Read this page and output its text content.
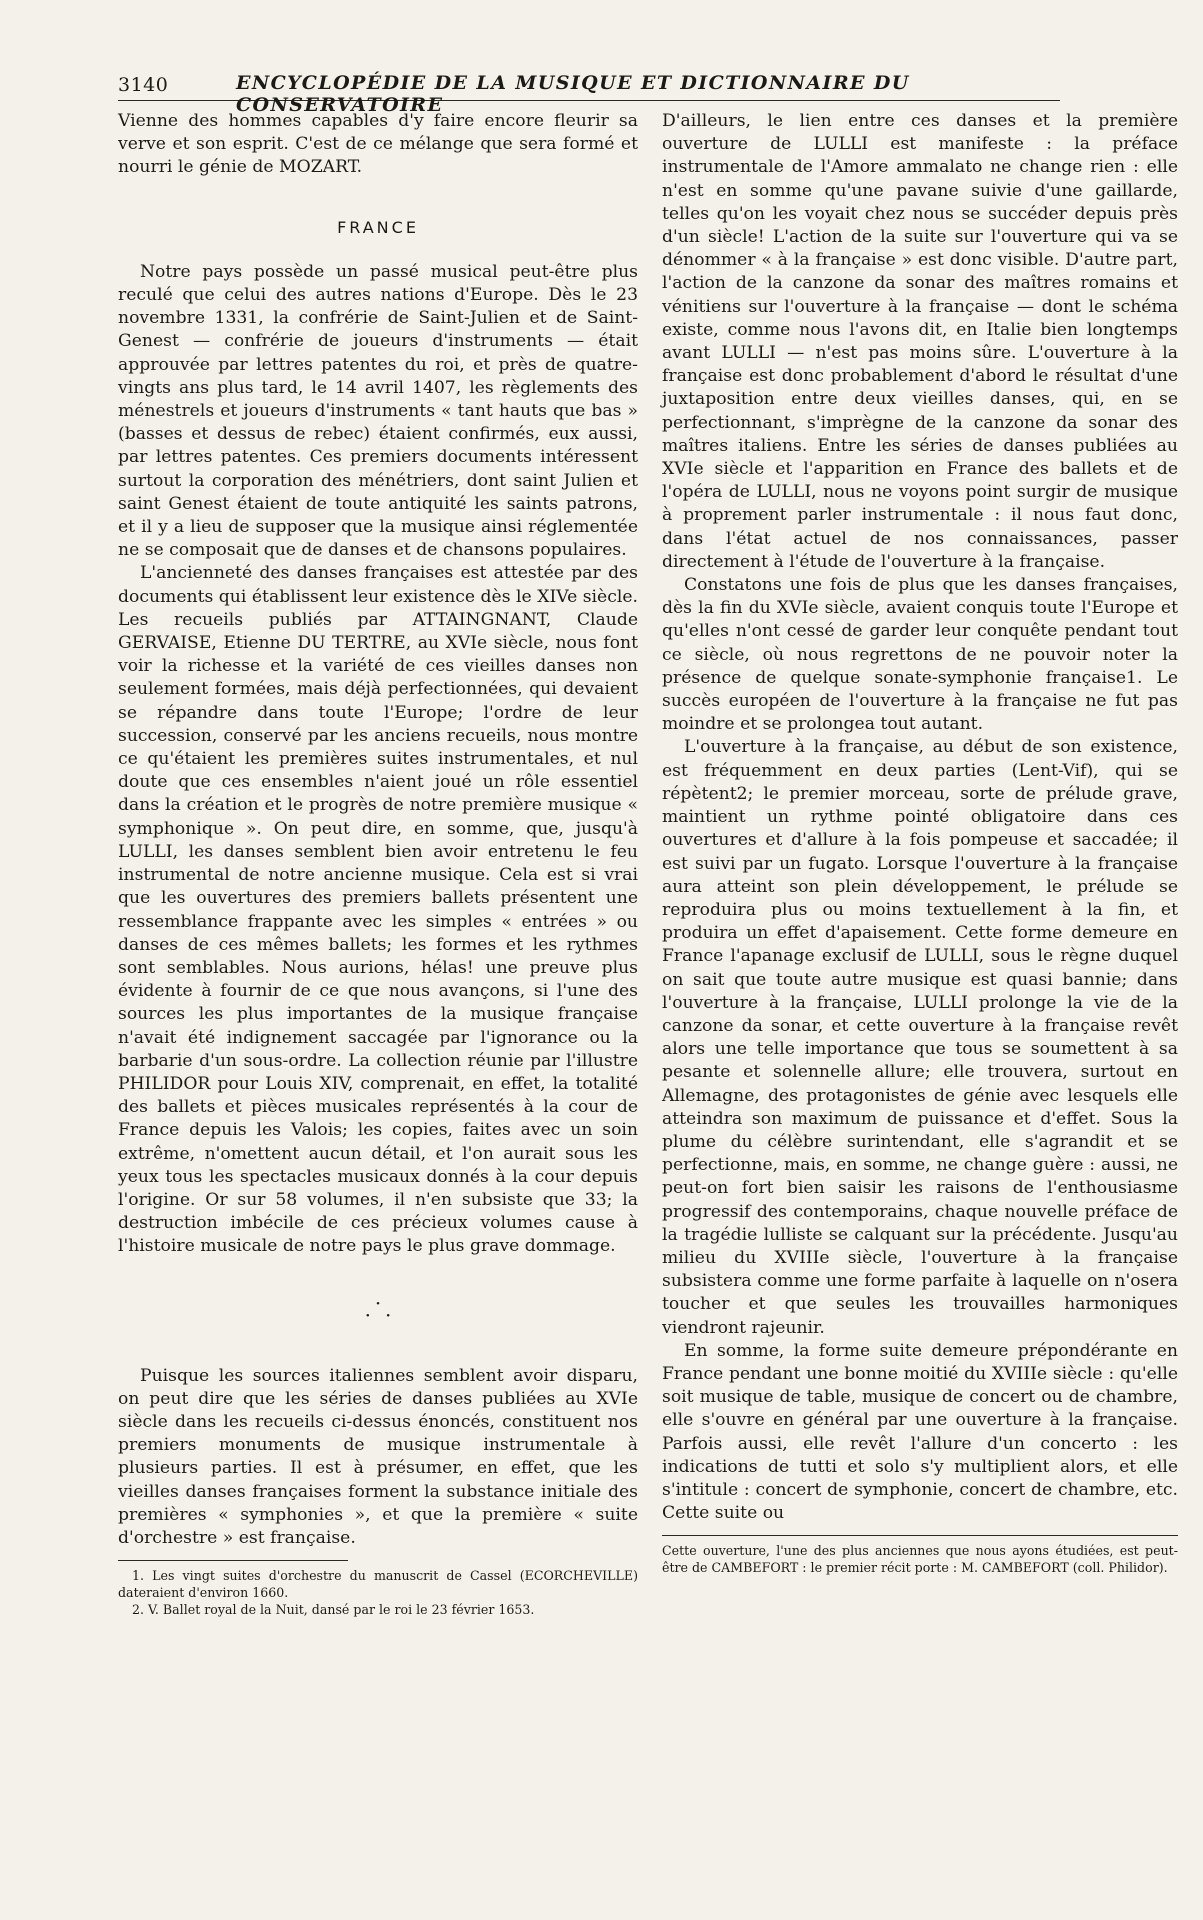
3140	ENCYCLOPÉDIE DE LA MUSIQUE ET DICTIONNAIRE DU CONSERVATOIRE

Vienne des hommes capables d'y faire encore fleurir sa verve et son esprit. C'est de ce mélange que sera formé et nourri le génie de MOZART.

FRANCE

Notre pays possède un passé musical peut-être plus reculé que celui des autres nations d'Europe. Dès le 23 novembre 1331, la confrérie de Saint-Julien et de Saint-Genest — confrérie de joueurs d'instruments — était approuvée par lettres patentes du roi, et près de quatre-vingts ans plus tard, le 14 avril 1407, les règlements des ménestrels et joueurs d'instruments « tant hauts que bas » (basses et dessus de rebec) étaient confirmés, eux aussi, par lettres patentes. Ces premiers documents intéressent surtout la corporation des ménétriers, dont saint Julien et saint Genest étaient de toute antiquité les saints patrons, et il y a lieu de supposer que la musique ainsi réglementée ne se composait que de danses et de chansons populaires.

L'ancienneté des danses françaises est attestée par des documents qui établissent leur existence dès le XIVe siècle. Les recueils publiés par ATTAINGNANT, Claude GERVAISE, Etienne DU TERTRE, au XVIe siècle, nous font voir la richesse et la variété de ces vieilles danses non seulement formées, mais déjà perfectionnées, qui devaient se répandre dans toute l'Europe; l'ordre de leur succession, conservé par les anciens recueils, nous montre ce qu'étaient les premières suites instrumentales, et nul doute que ces ensembles n'aient joué un rôle essentiel dans la création et le progrès de notre première musique « symphonique ». On peut dire, en somme, que, jusqu'à LULLI, les danses semblent bien avoir entretenu le feu instrumental de notre ancienne musique. Cela est si vrai que les ouvertures des premiers ballets présentent une ressemblance frappante avec les simples « entrées » ou danses de ces mêmes ballets; les formes et les rythmes sont semblables. Nous aurions, hélas! une preuve plus évidente à fournir de ce que nous avançons, si l'une des sources les plus importantes de la musique française n'avait été indignement saccagée par l'ignorance ou la barbarie d'un sous-ordre. La collection réunie par l'illustre PHILIDOR pour Louis XIV, comprenait, en effet, la totalité des ballets et pièces musicales représentés à la cour de France depuis les Valois; les copies, faites avec un soin extrême, n'omettent aucun détail, et l'on aurait sous les yeux tous les spectacles musicaux donnés à la cour depuis l'origine. Or sur 58 volumes, il n'en subsiste que 33; la destruction imbécile de ces précieux volumes cause à l'histoire musicale de notre pays le plus grave dommage.

·
· ·

Puisque les sources italiennes semblent avoir disparu, on peut dire que les séries de danses publiées au XVIe siècle dans les recueils ci-dessus énoncés, constituent nos premiers monuments de musique instrumentale à plusieurs parties. Il est à présumer, en effet, que les vieilles danses françaises forment la substance initiale des premières « symphonies », et que la première « suite d'orchestre » est française.

1. Les vingt suites d'orchestre du manuscrit de Cassel (ECORCHEVILLE) dateraient d'environ 1660.

2. V. Ballet royal de la Nuit, dansé par le roi le 23 février 1653.

D'ailleurs, le lien entre ces danses et la première ouverture de LULLI est manifeste : la préface instrumentale de l'Amore ammalato ne change rien : elle n'est en somme qu'une pavane suivie d'une gaillarde, telles qu'on les voyait chez nous se succéder depuis près d'un siècle! L'action de la suite sur l'ouverture qui va se dénommer « à la française » est donc visible. D'autre part, l'action de la canzone da sonar des maîtres romains et vénitiens sur l'ouverture à la française — dont le schéma existe, comme nous l'avons dit, en Italie bien longtemps avant LULLI — n'est pas moins sûre. L'ouverture à la française est donc probablement d'abord le résultat d'une juxtaposition entre deux vieilles danses, qui, en se perfectionnant, s'imprègne de la canzone da sonar des maîtres italiens. Entre les séries de danses publiées au XVIe siècle et l'apparition en France des ballets et de l'opéra de LULLI, nous ne voyons point surgir de musique à proprement parler instrumentale : il nous faut donc, dans l'état actuel de nos connaissances, passer directement à l'étude de l'ouverture à la française.

Constatons une fois de plus que les danses françaises, dès la fin du XVIe siècle, avaient conquis toute l'Europe et qu'elles n'ont cessé de garder leur conquête pendant tout ce siècle, où nous regrettons de ne pouvoir noter la présence de quelque sonate-symphonie française1. Le succès européen de l'ouverture à la française ne fut pas moindre et se prolongea tout autant.

L'ouverture à la française, au début de son existence, est fréquemment en deux parties (Lent-Vif), qui se répètent2; le premier morceau, sorte de prélude grave, maintient un rythme pointé obligatoire dans ces ouvertures et d'allure à la fois pompeuse et saccadée; il est suivi par un fugato. Lorsque l'ouverture à la française aura atteint son plein développement, le prélude se reproduira plus ou moins textuellement à la fin, et produira un effet d'apaisement. Cette forme demeure en France l'apanage exclusif de LULLI, sous le règne duquel on sait que toute autre musique est quasi bannie; dans l'ouverture à la française, LULLI prolonge la vie de la canzone da sonar, et cette ouverture à la française revêt alors une telle importance que tous se soumettent à sa pesante et solennelle allure; elle trouvera, surtout en Allemagne, des protagonistes de génie avec lesquels elle atteindra son maximum de puissance et d'effet. Sous la plume du célèbre surintendant, elle s'agrandit et se perfectionne, mais, en somme, ne change guère : aussi, ne peut-on fort bien saisir les raisons de l'enthousiasme progressif des contemporains, chaque nouvelle préface de la tragédie lulliste se calquant sur la précédente. Jusqu'au milieu du XVIIIe siècle, l'ouverture à la française subsistera comme une forme parfaite à laquelle on n'osera toucher et que seules les trouvailles harmoniques viendront rajeunir.

En somme, la forme suite demeure prépondérante en France pendant une bonne moitié du XVIIIe siècle : qu'elle soit musique de table, musique de concert ou de chambre, elle s'ouvre en général par une ouverture à la française. Parfois aussi, elle revêt l'allure d'un concerto : les indications de tutti et solo s'y multiplient alors, et elle s'intitule : concert de symphonie, concert de chambre, etc. Cette suite ou

Cette ouverture, l'une des plus anciennes que nous ayons étudiées, est peut-être de CAMBEFORT : le premier récit porte : M. CAMBEFORT (coll. Philidor).
